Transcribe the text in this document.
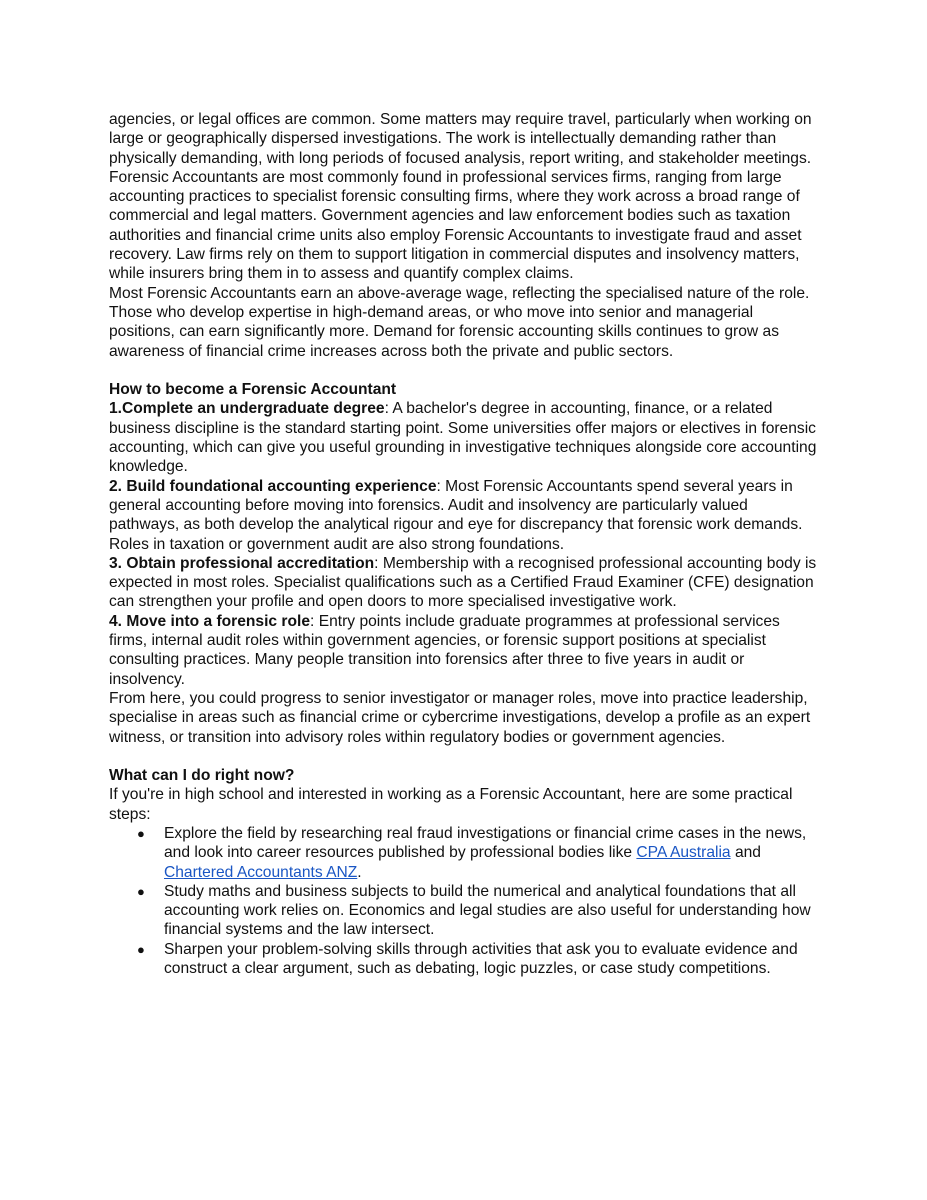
agencies, or legal offices are common. Some matters may require travel, particularly when working on large or geographically dispersed investigations. The work is intellectually demanding rather than physically demanding, with long periods of focused analysis, report writing, and stakeholder meetings.

Forensic Accountants are most commonly found in professional services firms, ranging from large accounting practices to specialist forensic consulting firms, where they work across a broad range of commercial and legal matters. Government agencies and law enforcement bodies such as taxation authorities and financial crime units also employ Forensic Accountants to investigate fraud and asset recovery. Law firms rely on them to support litigation in commercial disputes and insolvency matters, while insurers bring them in to assess and quantify complex claims.

Most Forensic Accountants earn an above-average wage, reflecting the specialised nature of the role. Those who develop expertise in high-demand areas, or who move into senior and managerial positions, can earn significantly more. Demand for forensic accounting skills continues to grow as awareness of financial crime increases across both the private and public sectors.

How to become a Forensic Accountant

1.Complete an undergraduate degree: A bachelor's degree in accounting, finance, or a related business discipline is the standard starting point. Some universities offer majors or electives in forensic accounting, which can give you useful grounding in investigative techniques alongside core accounting knowledge.

2. Build foundational accounting experience: Most Forensic Accountants spend several years in general accounting before moving into forensics. Audit and insolvency are particularly valued pathways, as both develop the analytical rigour and eye for discrepancy that forensic work demands. Roles in taxation or government audit are also strong foundations.

3. Obtain professional accreditation: Membership with a recognised professional accounting body is expected in most roles. Specialist qualifications such as a Certified Fraud Examiner (CFE) designation can strengthen your profile and open doors to more specialised investigative work.

4. Move into a forensic role: Entry points include graduate programmes at professional services firms, internal audit roles within government agencies, or forensic support positions at specialist consulting practices. Many people transition into forensics after three to five years in audit or insolvency.

From here, you could progress to senior investigator or manager roles, move into practice leadership, specialise in areas such as financial crime or cybercrime investigations, develop a profile as an expert witness, or transition into advisory roles within regulatory bodies or government agencies.

What can I do right now?

If you're in high school and interested in working as a Forensic Accountant, here are some practical steps:

● Explore the field by researching real fraud investigations or financial crime cases in the news, and look into career resources published by professional bodies like CPA Australia and Chartered Accountants ANZ.
● Study maths and business subjects to build the numerical and analytical foundations that all accounting work relies on. Economics and legal studies are also useful for understanding how financial systems and the law intersect.
● Sharpen your problem-solving skills through activities that ask you to evaluate evidence and construct a clear argument, such as debating, logic puzzles, or case study competitions.
